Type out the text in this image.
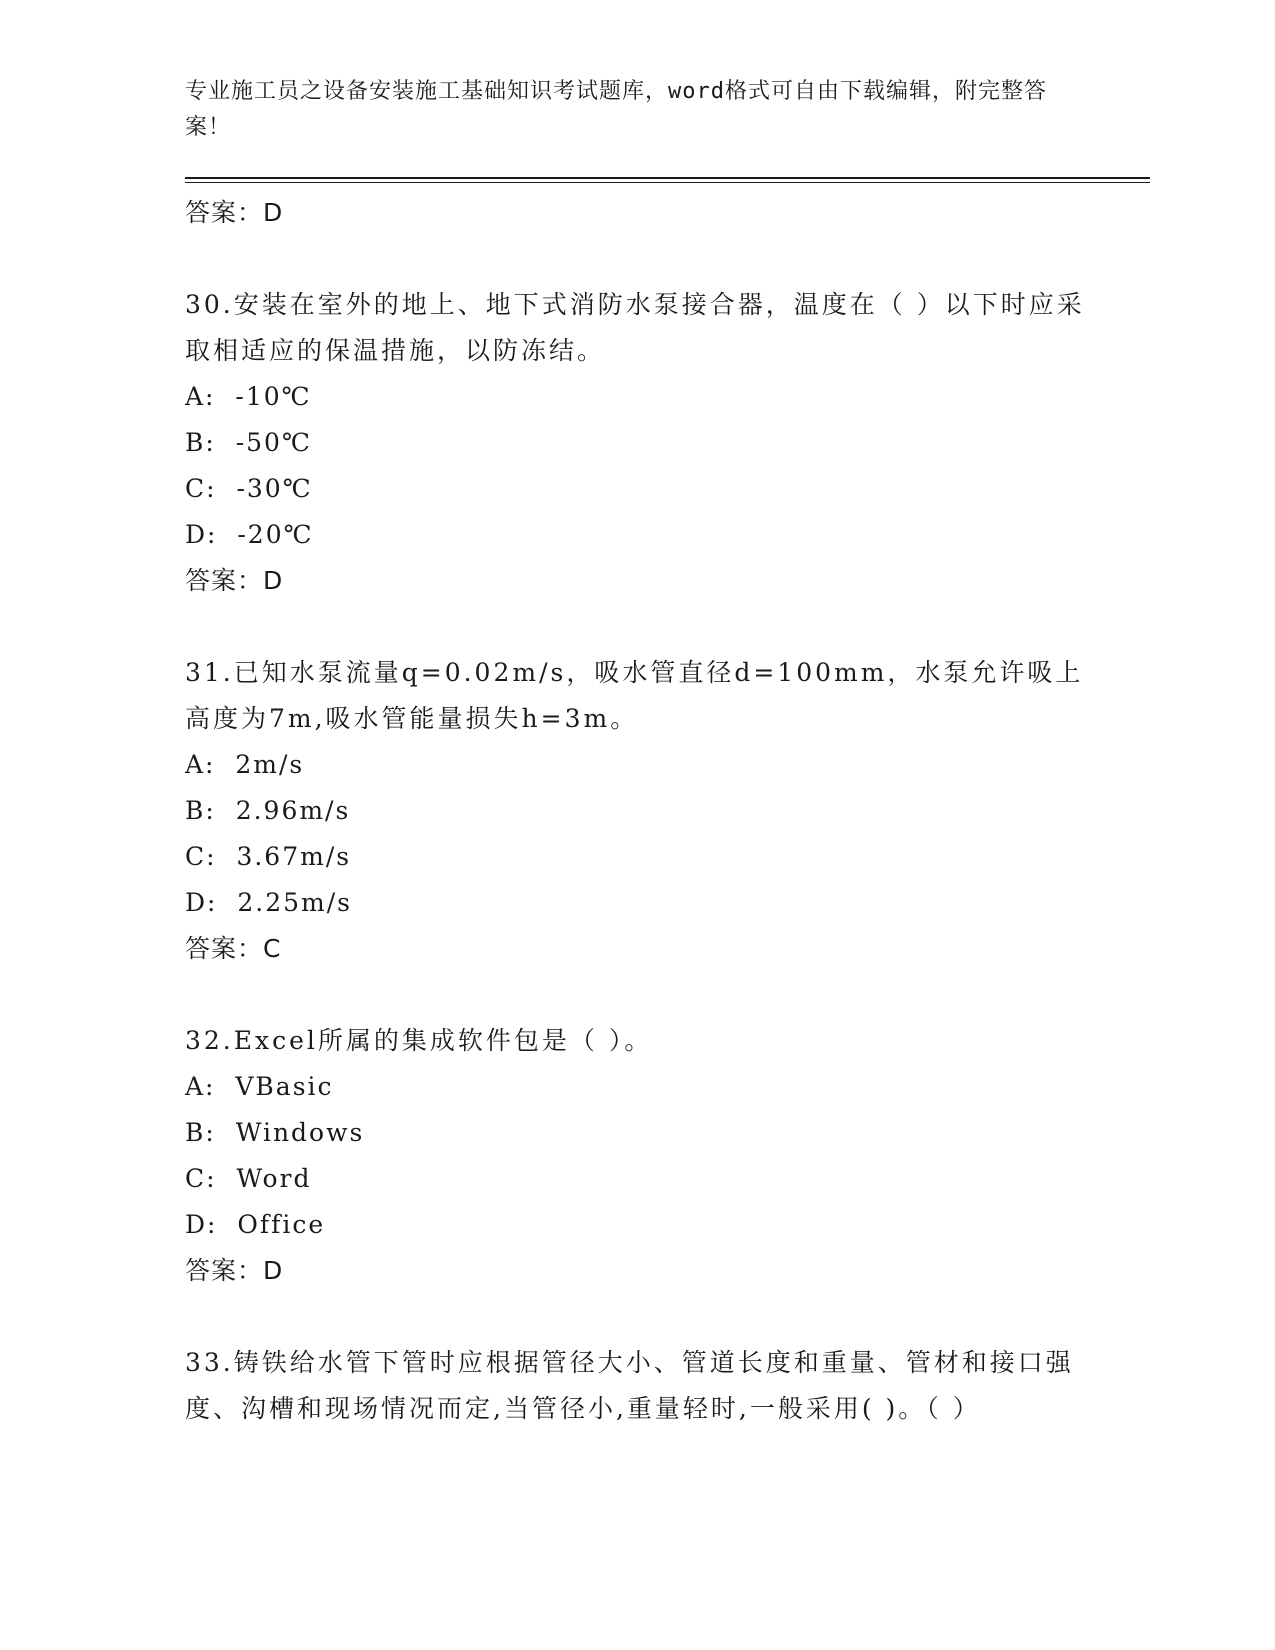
专业施工员之设备安装施工基础知识考试题库，word格式可自由下载编辑，附完整答案！
答案：D
30.安装在室外的地上、地下式消防水泵接合器，温度在（ ）以下时应采取相适应的保温措施，以防冻结。
A:  -10℃
B:  -50℃
C:  -30℃
D:  -20℃
答案：D
31.已知水泵流量q=0.02m/s，吸水管直径d=100mm，水泵允许吸上高度为7m,吸水管能量损失h=3m。
A:  2m/s
B:  2.96m/s
C:  3.67m/s
D:  2.25m/s
答案：C
32.Excel所属的集成软件包是（ ）。
A:  VBasic
B:  Windows
C:  Word
D:  Office
答案：D
33.铸铁给水管下管时应根据管径大小、管道长度和重量、管材和接口强度、沟槽和现场情况而定,当管径小,重量轻时,一般采用( )。（ ）
